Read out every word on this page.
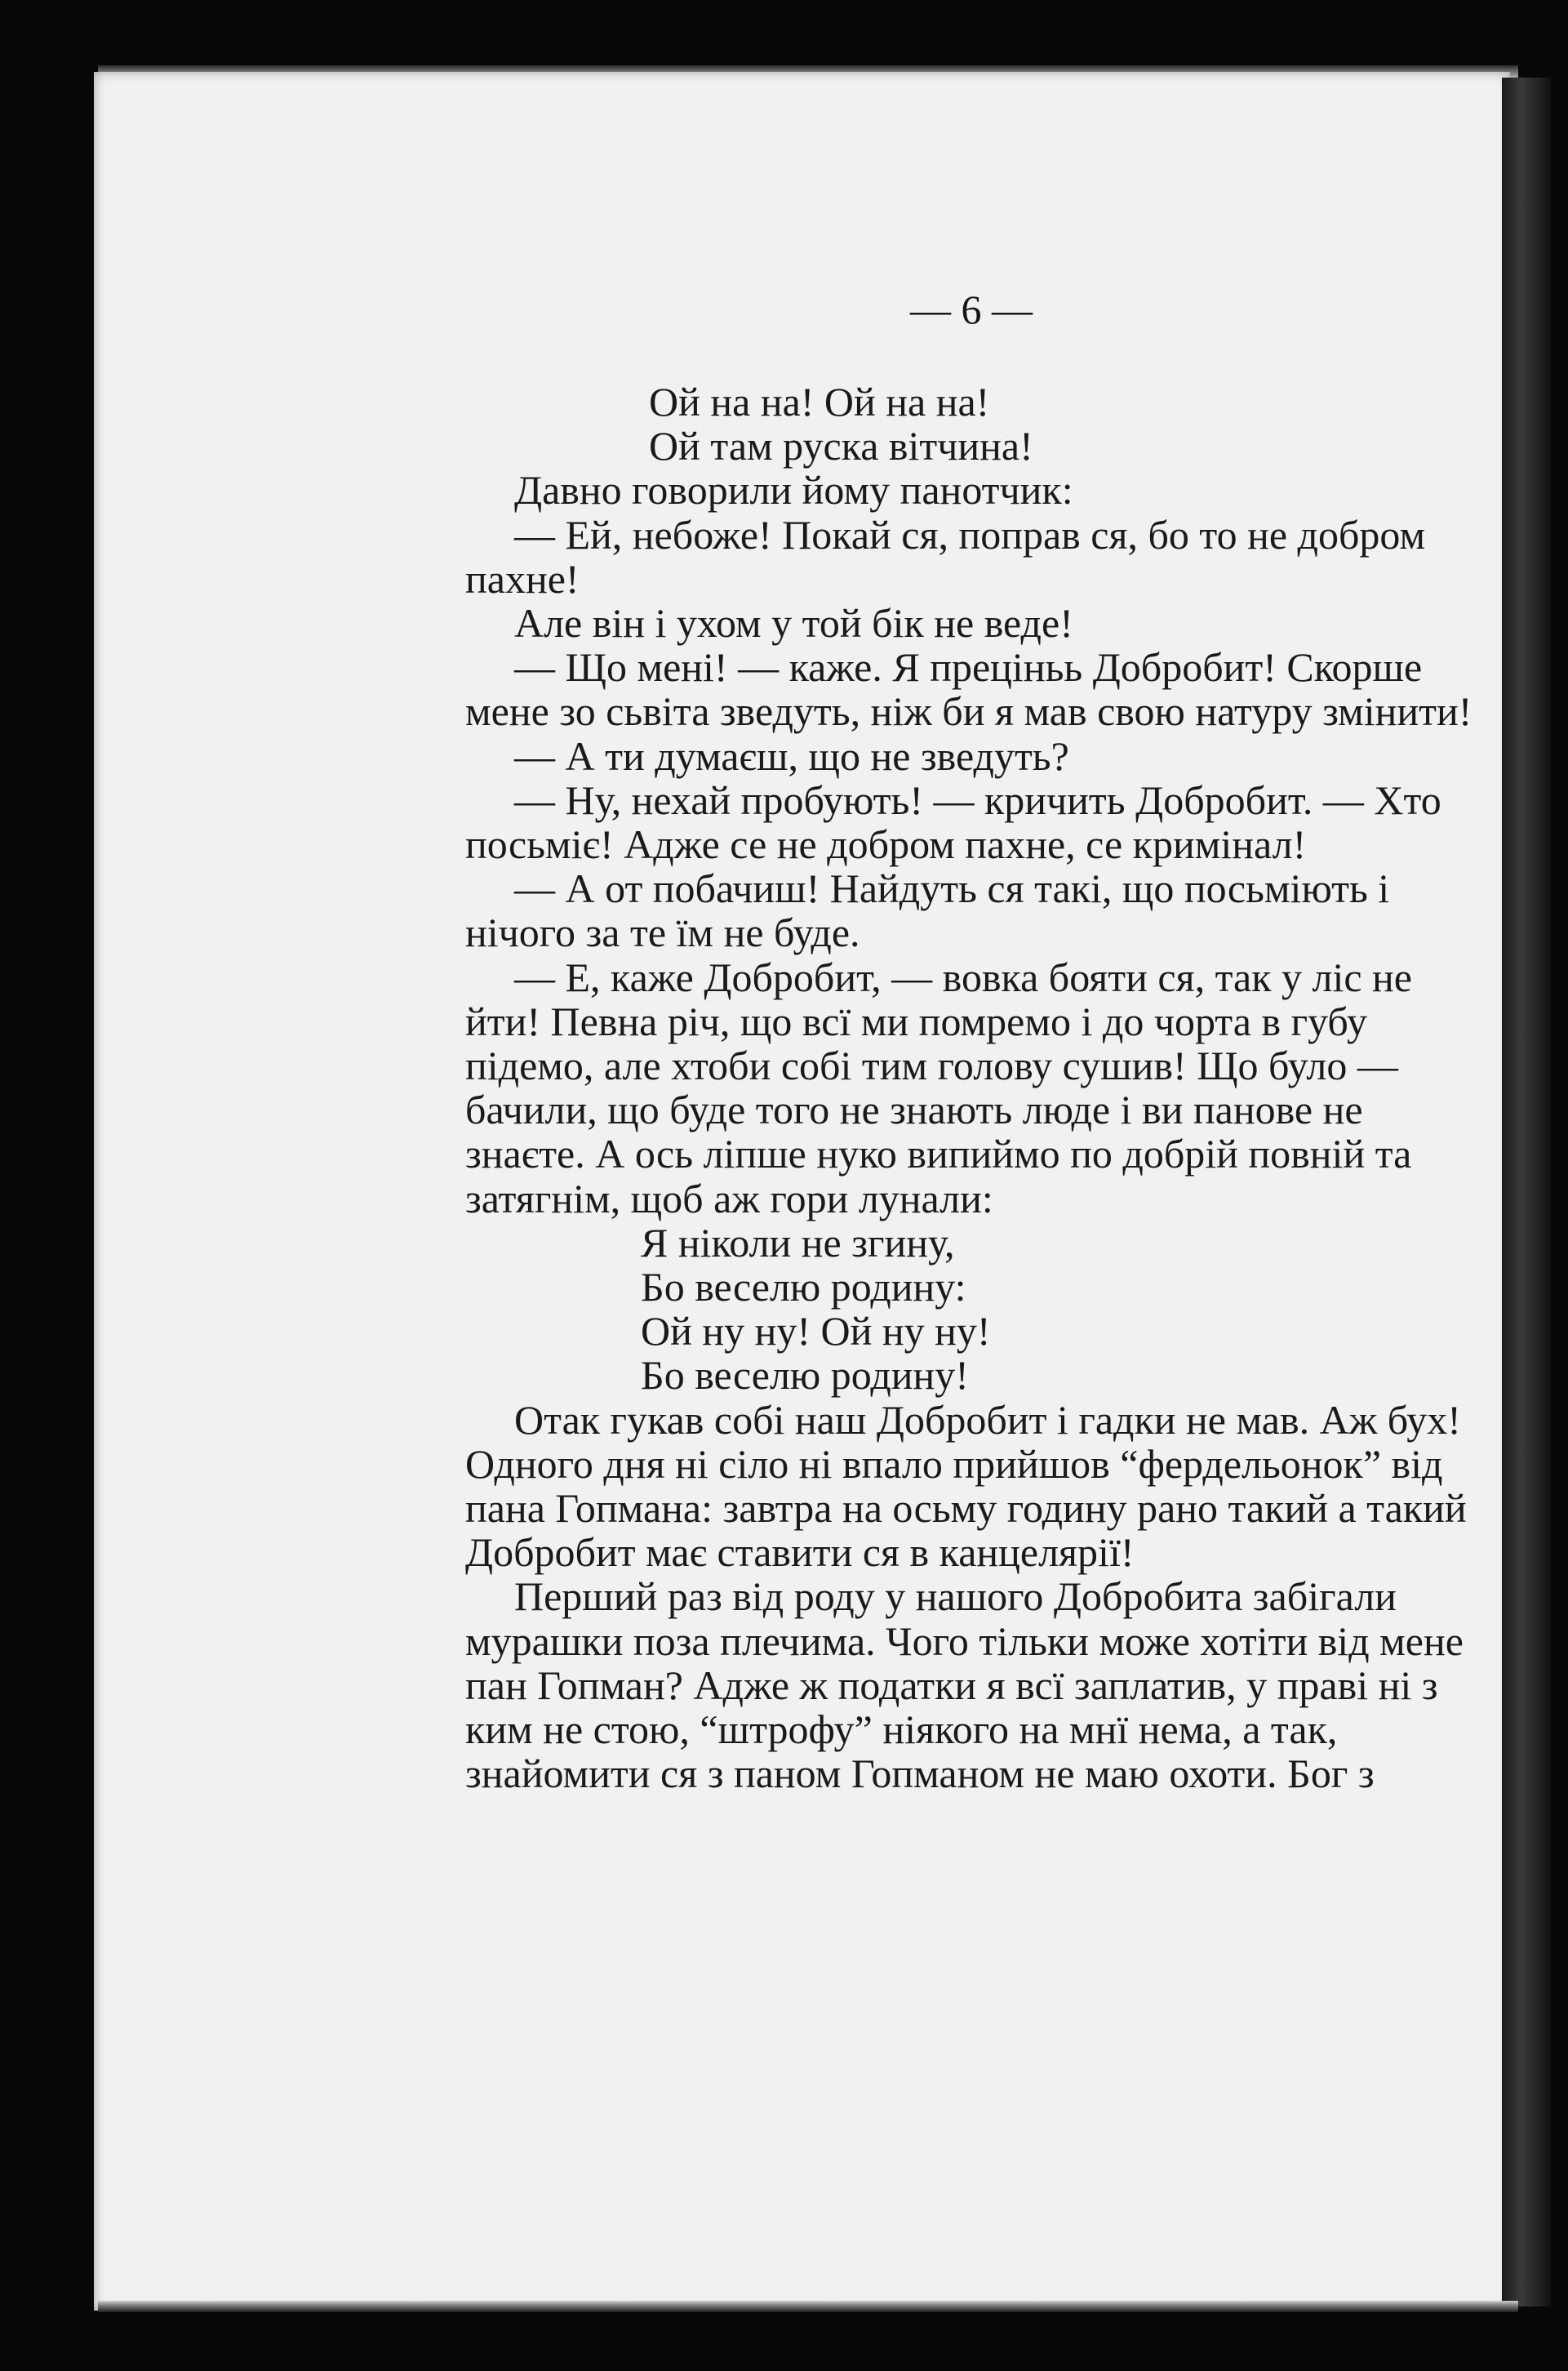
— 6 —

Ой на на! Ой на на!

Ой там руска вітчина!

Давно говорили йому панотчик:

— Ей, небоже! Покай ся, поправ ся, бо то не добром пахне!

Але він і ухом у той бік не веде!

— Що мені! — каже. Я преціньь Добробит! Скорше мене зо сьвіта зведуть, ніж би я мав свою натуру змінити!

— А ти думаєш, що не зведуть?

— Ну, нехай пробують! — кричить Добробит. — Хто посьміє! Адже се не добром пахне, се кримінал!

— А от побачиш! Найдуть ся такі, що посьміють і нічого за те їм не буде.

— Е, каже Добробит, — вовка бояти ся, так у ліс не йти! Певна річ, що всї ми помремо і до чорта в губу підемо, але хтоби собі тим голову сушив! Що було — бачили, що буде того не знають люде і ви панове не знаєте. А ось ліпше нуко випиймо по добрій повній та затягнім, щоб аж гори лунали:

Я ніколи не згину,

Бо веселю родину:

Ой ну ну! Ой ну ну!

Бо веселю родину!

Отак гукав собі наш Добробит і гадки не мав. Аж бух! Одного дня ні сіло ні впало прийшов “фердельонок” від пана Гопмана: завтра на осьму годину рано такий а такий Добробит має ставити ся в канцелярії!

Перший раз від роду у нашого Добробита забігали мурашки поза плечима. Чого тільки може хотіти від мене пан Гопман? Адже ж податки я всї заплатив, у праві ні з ким не стою, “штрофу” ніякого на мнї нема, а так, знайомити ся з паном Гопманом не маю охоти. Бог з
